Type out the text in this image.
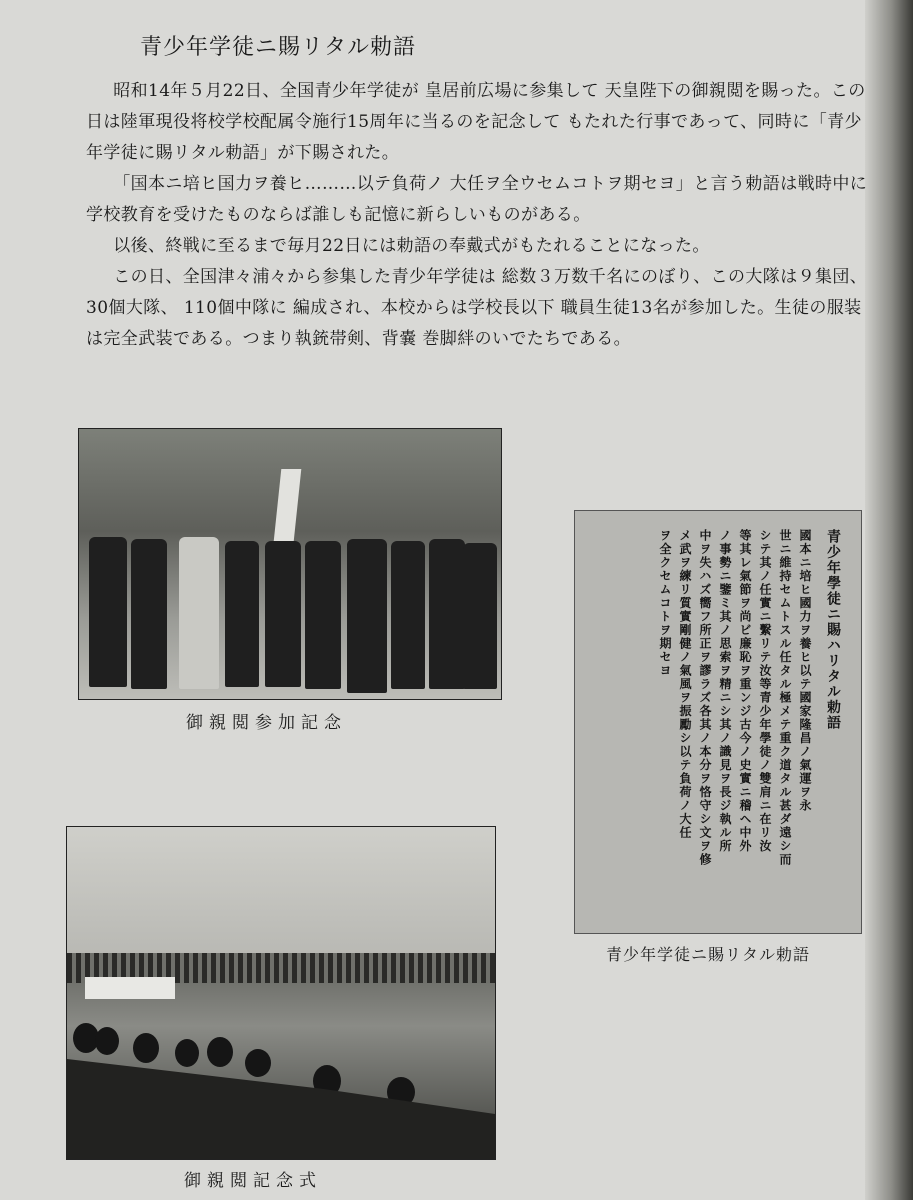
青少年学徒ニ賜リタル勅語

昭和14年５月22日、全国青少年学徒が 皇居前広場に参集して 天皇陛下の御親閲を賜った。この日は陸軍現役将校学校配属令施行15周年に当るのを記念して もたれた行事であって、同時に「青少年学徒に賜リタル勅語」が下賜された。

「国本ニ培ヒ国力ヲ養ヒ………以テ負荷ノ 大任ヲ全ウセムコトヲ期セヨ」と言う勅語は戦時中に学校教育を受けたものならば誰しも記憶に新らしいものがある。

以後、終戦に至るまで毎月22日には勅語の奉戴式がもたれることになった。

この日、全国津々浦々から参集した青少年学徒は 総数３万数千名にのぼり、この大隊は９集団、30個大隊、 110個中隊に 編成され、本校からは学校長以下 職員生徒13名が参加した。生徒の服装は完全武装である。つまり執銃帯剣、背嚢 巻脚絆のいでたちである。

御親閲参加記念
御親閲記念式
青少年學徒ニ賜ハリタル勅語
國本ニ培ヒ國力ヲ養ヒ以テ國家隆昌ノ氣運ヲ永
世ニ維持セムトスル任タル極メテ重ク道タル甚ダ遠シ而
シテ其ノ任實ニ繫リテ汝等青少年學徒ノ雙肩ニ在リ汝
等其レ氣節ヲ尚ビ廉恥ヲ重ンジ古今ノ史實ニ稽ヘ中外
ノ事勢ニ鑒ミ其ノ思索ヲ精ニシ其ノ識見ヲ長ジ執ル所
中ヲ失ハズ嚮フ所正ヲ謬ラズ各其ノ本分ヲ恪守シ文ヲ修
メ武ヲ練リ質實剛健ノ氣風ヲ振勵シ以テ負荷ノ大任
ヲ全クセムコトヲ期セヨ
青少年学徒ニ賜リタル勅語
